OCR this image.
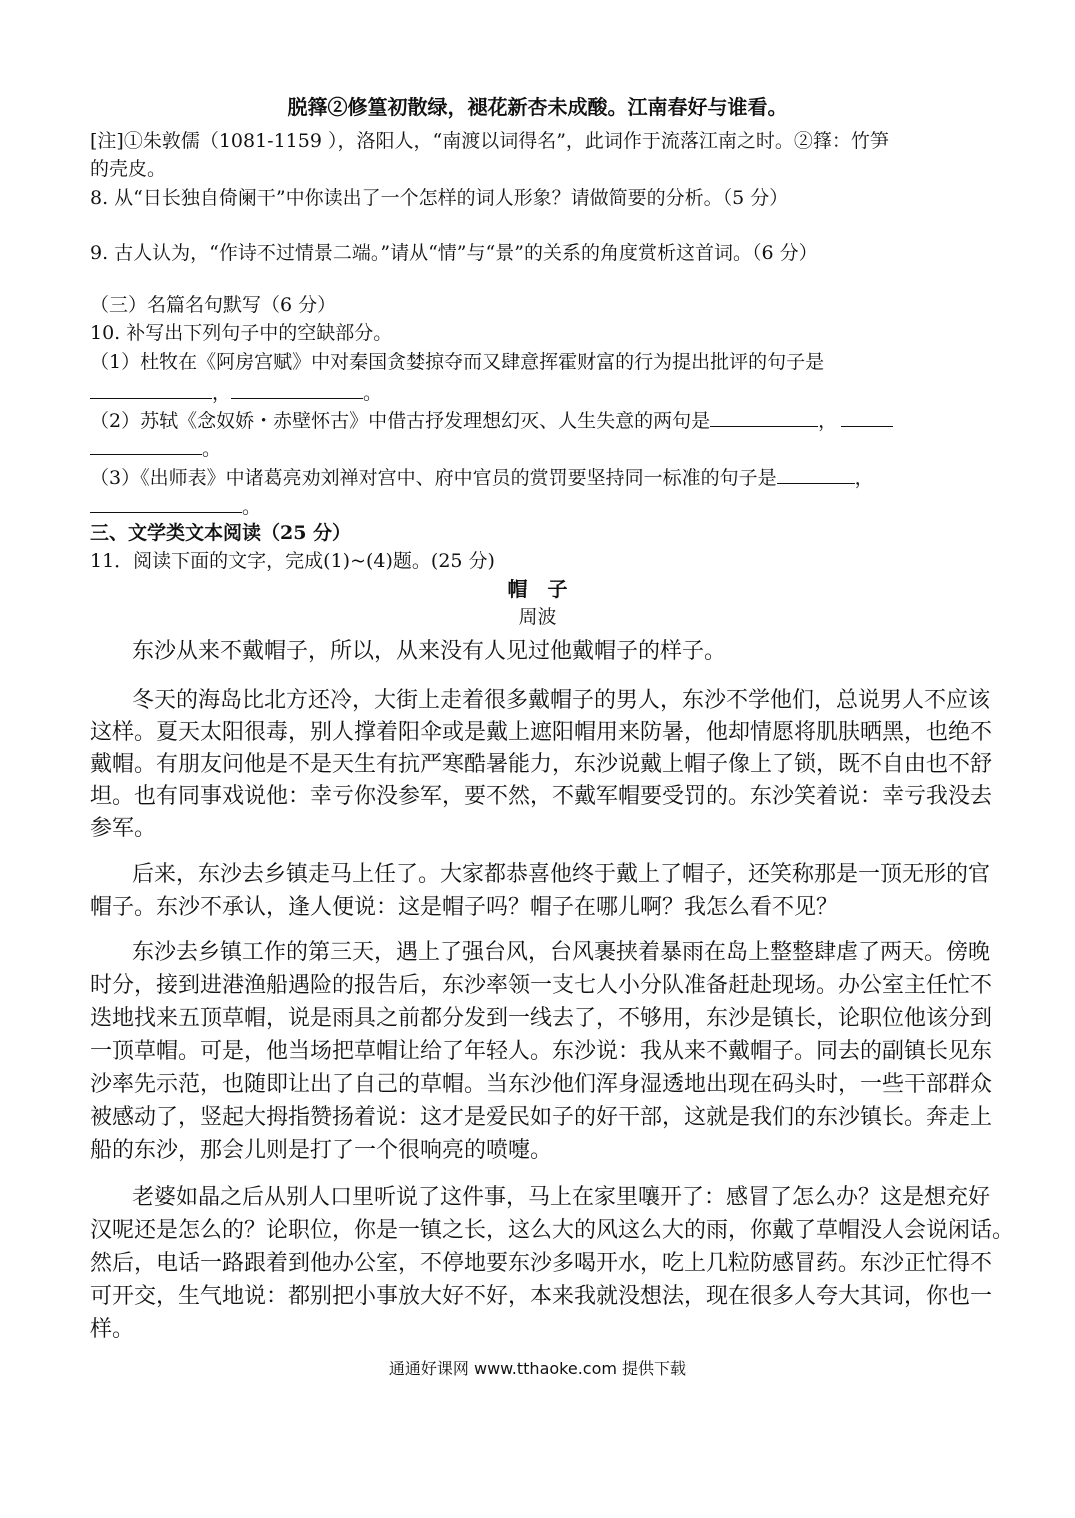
脱箨②修篁初散绿，褪花新杏未成酸。江南春好与谁看。
[注]①朱敦儒（1081-1159 ），洛阳人，“南渡以词得名”，此词作于流落江南之时。②箨：竹笋
的壳皮。
8. 从“日长独自倚阑干”中你读出了一个怎样的词人形象？请做简要的分析。（5 分）
9. 古人认为，“作诗不过情景二端。”请从“情”与“景”的关系的角度赏析这首词。（6 分）
（三）名篇名句默写（6 分）
10. 补写出下列句子中的空缺部分。
（1）杜牧在《阿房宫赋》中对秦国贪婪掠夺而又肆意挥霍财富的行为提出批评的句子是
，	。
（2）苏轼《念奴娇・赤壁怀古》中借古抒发理想幻灭、人生失意的两句是	，
。
（3）《出师表》中诸葛亮劝刘禅对宫中、府中官员的赏罚要坚持同一标准的句子是	，
。
三、文学类文本阅读（25 分）
11．阅读下面的文字，完成(1)~(4)题。(25 分)
帽　子
周波
东沙从来不戴帽子，所以，从来没有人见过他戴帽子的样子。
冬天的海岛比北方还冷，大街上走着很多戴帽子的男人，东沙不学他们，总说男人不应该
这样。夏天太阳很毒，别人撑着阳伞或是戴上遮阳帽用来防暑，他却情愿将肌肤晒黑，也绝不
戴帽。有朋友问他是不是天生有抗严寒酷暑能力，东沙说戴上帽子像上了锁，既不自由也不舒
坦。也有同事戏说他：幸亏你没参军，要不然，不戴军帽要受罚的。东沙笑着说：幸亏我没去
参军。
后来，东沙去乡镇走马上任了。大家都恭喜他终于戴上了帽子，还笑称那是一顶无形的官
帽子。东沙不承认，逢人便说：这是帽子吗？帽子在哪儿啊？我怎么看不见？
东沙去乡镇工作的第三天，遇上了强台风，台风裹挟着暴雨在岛上整整肆虐了两天。傍晚
时分，接到进港渔船遇险的报告后，东沙率领一支七人小分队准备赶赴现场。办公室主任忙不
迭地找来五顶草帽，说是雨具之前都分发到一线去了，不够用，东沙是镇长，论职位他该分到
一顶草帽。可是，他当场把草帽让给了年轻人。东沙说：我从来不戴帽子。同去的副镇长见东
沙率先示范，也随即让出了自己的草帽。当东沙他们浑身湿透地出现在码头时，一些干部群众
被感动了，竖起大拇指赞扬着说：这才是爱民如子的好干部，这就是我们的东沙镇长。奔走上
船的东沙，那会儿则是打了一个很响亮的喷嚏。
老婆如晶之后从别人口里听说了这件事，马上在家里嚷开了：感冒了怎么办？这是想充好
汉呢还是怎么的？论职位，你是一镇之长，这么大的风这么大的雨，你戴了草帽没人会说闲话。
然后，电话一路跟着到他办公室，不停地要东沙多喝开水，吃上几粒防感冒药。东沙正忙得不
可开交，生气地说：都别把小事放大好不好，本来我就没想法，现在很多人夸大其词，你也一
样。
通通好课网 www.tthaoke.com 提供下载
